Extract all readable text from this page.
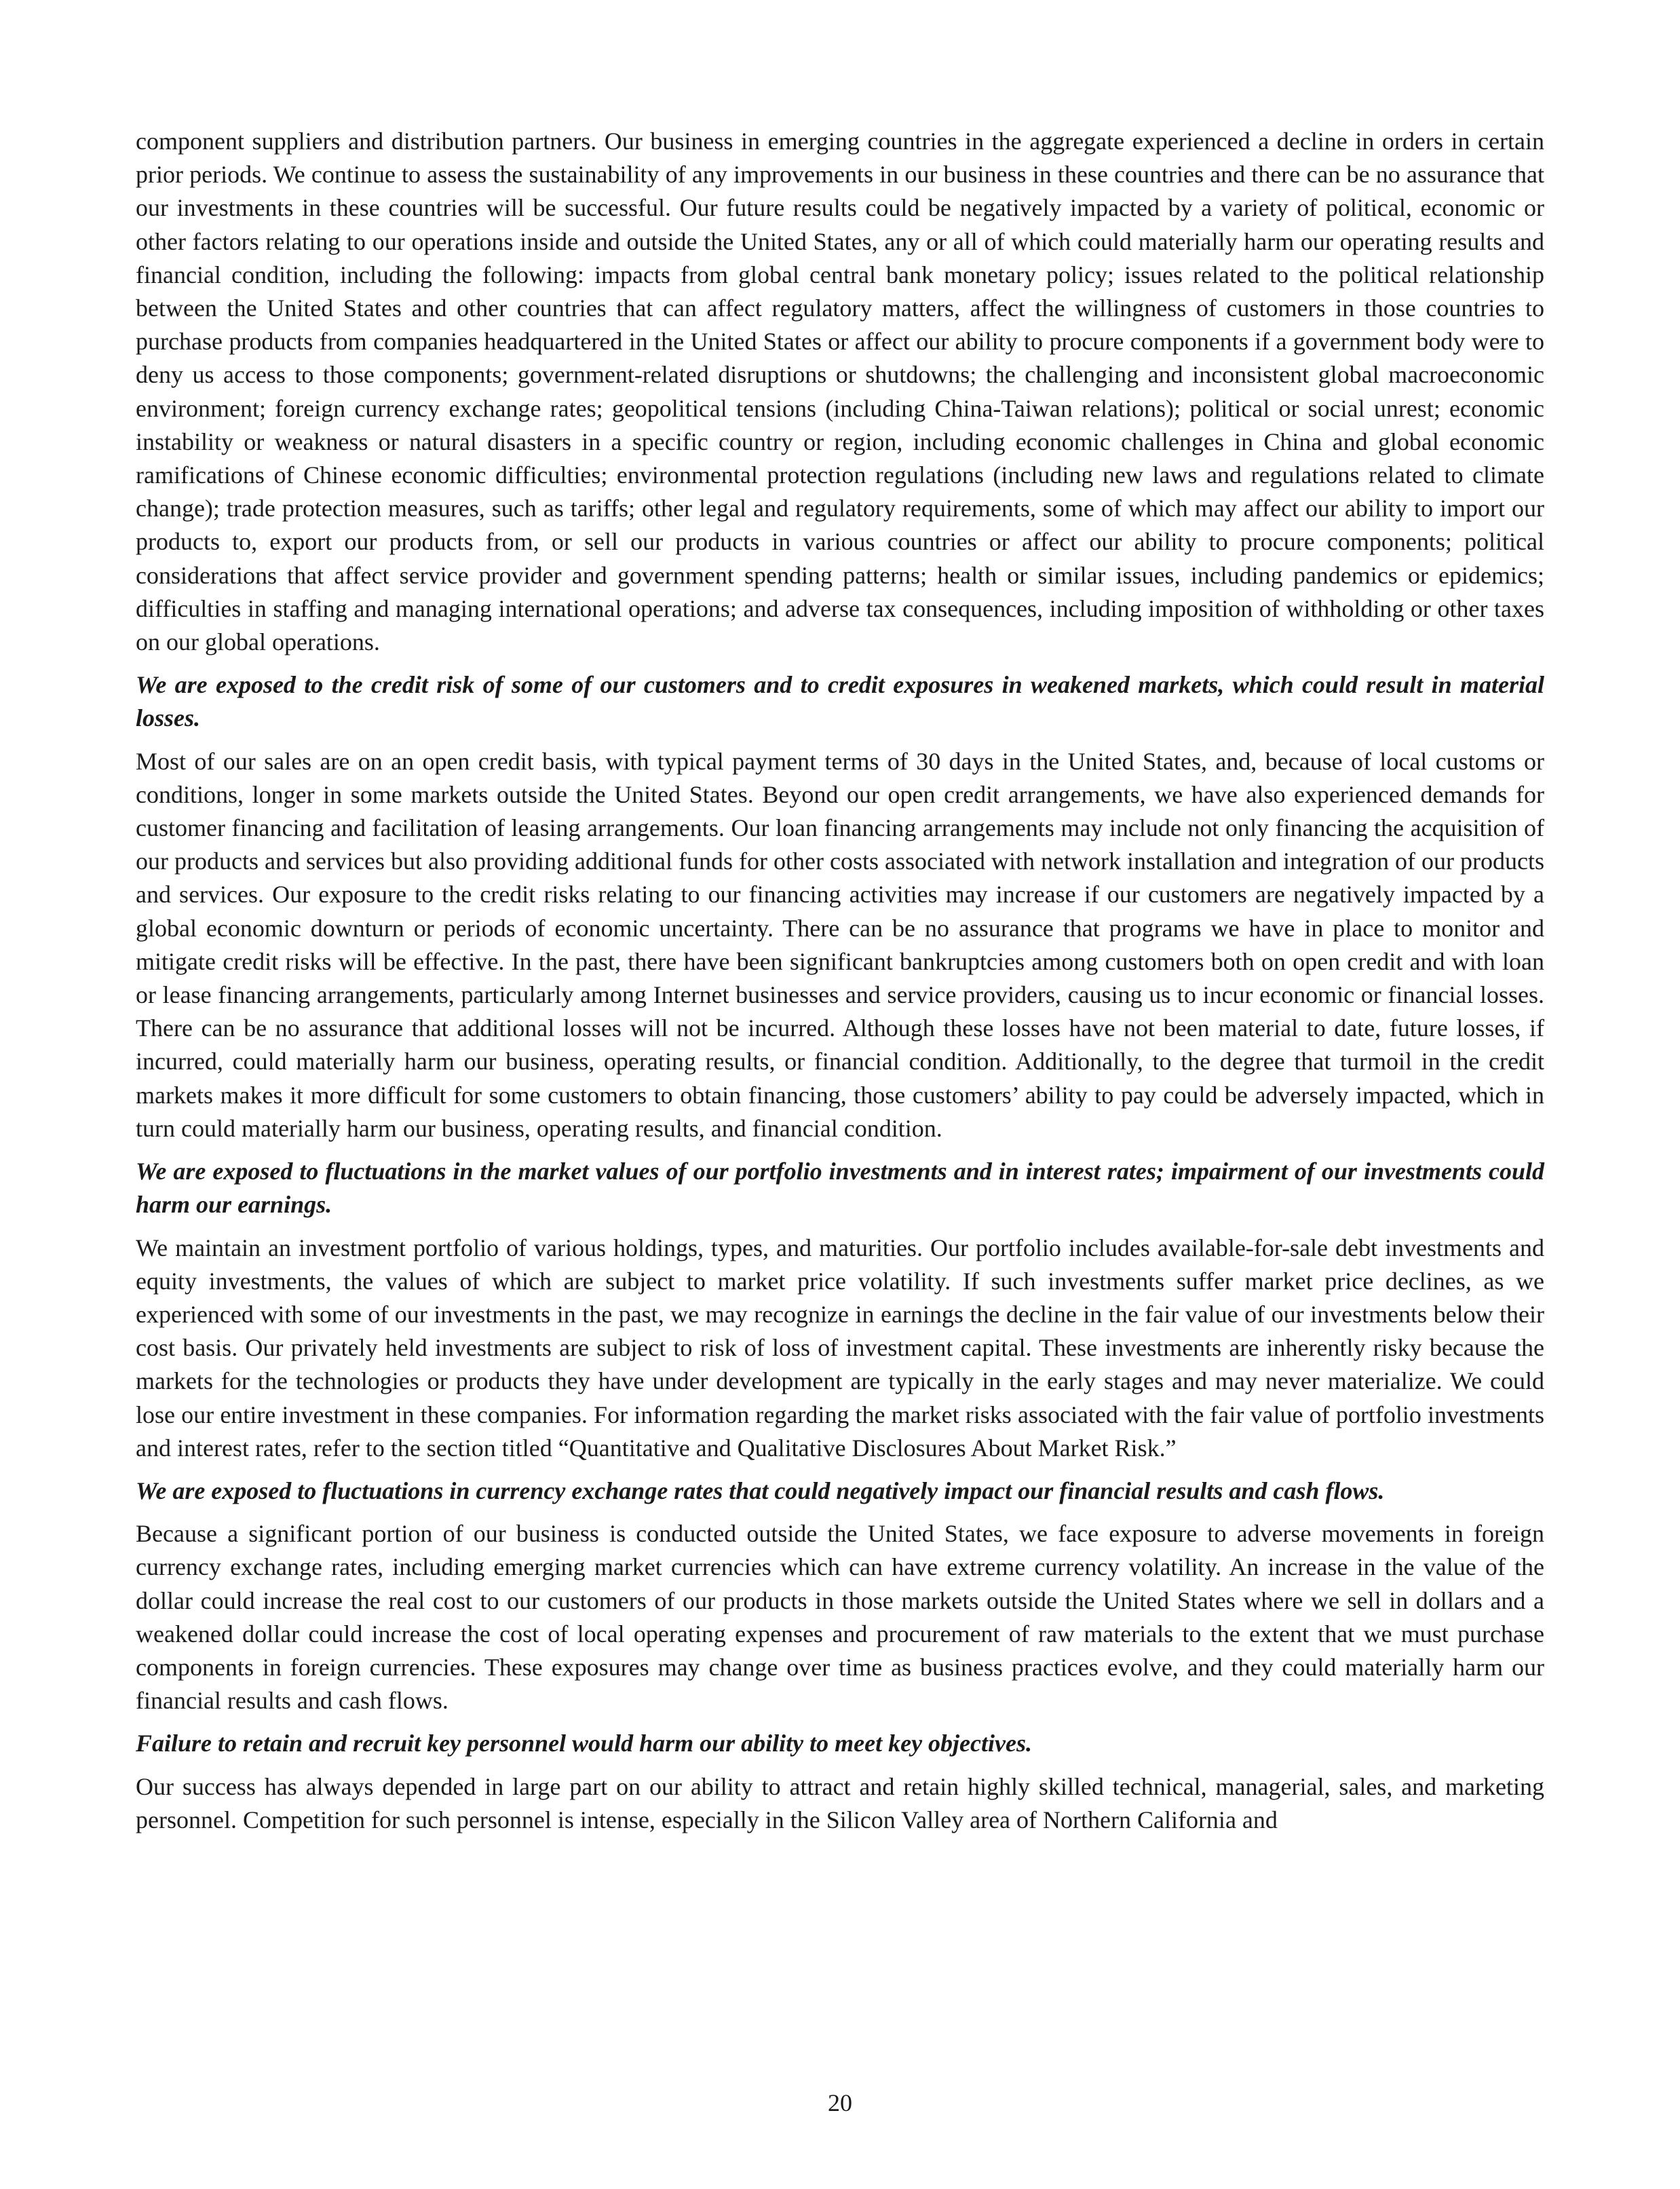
component suppliers and distribution partners. Our business in emerging countries in the aggregate experienced a decline in orders in certain prior periods. We continue to assess the sustainability of any improvements in our business in these countries and there can be no assurance that our investments in these countries will be successful. Our future results could be negatively impacted by a variety of political, economic or other factors relating to our operations inside and outside the United States, any or all of which could materially harm our operating results and financial condition, including the following: impacts from global central bank monetary policy; issues related to the political relationship between the United States and other countries that can affect regulatory matters, affect the willingness of customers in those countries to purchase products from companies headquartered in the United States or affect our ability to procure components if a government body were to deny us access to those components; government-related disruptions or shutdowns; the challenging and inconsistent global macroeconomic environment; foreign currency exchange rates; geopolitical tensions (including China-Taiwan relations); political or social unrest; economic instability or weakness or natural disasters in a specific country or region, including economic challenges in China and global economic ramifications of Chinese economic difficulties; environmental protection regulations (including new laws and regulations related to climate change); trade protection measures, such as tariffs; other legal and regulatory requirements, some of which may affect our ability to import our products to, export our products from, or sell our products in various countries or affect our ability to procure components; political considerations that affect service provider and government spending patterns; health or similar issues, including pandemics or epidemics; difficulties in staffing and managing international operations; and adverse tax consequences, including imposition of withholding or other taxes on our global operations.

We are exposed to the credit risk of some of our customers and to credit exposures in weakened markets, which could result in material losses.

Most of our sales are on an open credit basis, with typical payment terms of 30 days in the United States, and, because of local customs or conditions, longer in some markets outside the United States. Beyond our open credit arrangements, we have also experienced demands for customer financing and facilitation of leasing arrangements. Our loan financing arrangements may include not only financing the acquisition of our products and services but also providing additional funds for other costs associated with network installation and integration of our products and services. Our exposure to the credit risks relating to our financing activities may increase if our customers are negatively impacted by a global economic downturn or periods of economic uncertainty. There can be no assurance that programs we have in place to monitor and mitigate credit risks will be effective. In the past, there have been significant bankruptcies among customers both on open credit and with loan or lease financing arrangements, particularly among Internet businesses and service providers, causing us to incur economic or financial losses. There can be no assurance that additional losses will not be incurred. Although these losses have not been material to date, future losses, if incurred, could materially harm our business, operating results, or financial condition. Additionally, to the degree that turmoil in the credit markets makes it more difficult for some customers to obtain financing, those customers’ ability to pay could be adversely impacted, which in turn could materially harm our business, operating results, and financial condition.

We are exposed to fluctuations in the market values of our portfolio investments and in interest rates; impairment of our investments could harm our earnings.

We maintain an investment portfolio of various holdings, types, and maturities. Our portfolio includes available-for-sale debt investments and equity investments, the values of which are subject to market price volatility. If such investments suffer market price declines, as we experienced with some of our investments in the past, we may recognize in earnings the decline in the fair value of our investments below their cost basis. Our privately held investments are subject to risk of loss of investment capital. These investments are inherently risky because the markets for the technologies or products they have under development are typically in the early stages and may never materialize. We could lose our entire investment in these companies. For information regarding the market risks associated with the fair value of portfolio investments and interest rates, refer to the section titled “Quantitative and Qualitative Disclosures About Market Risk.”

We are exposed to fluctuations in currency exchange rates that could negatively impact our financial results and cash flows.

Because a significant portion of our business is conducted outside the United States, we face exposure to adverse movements in foreign currency exchange rates, including emerging market currencies which can have extreme currency volatility. An increase in the value of the dollar could increase the real cost to our customers of our products in those markets outside the United States where we sell in dollars and a weakened dollar could increase the cost of local operating expenses and procurement of raw materials to the extent that we must purchase components in foreign currencies. These exposures may change over time as business practices evolve, and they could materially harm our financial results and cash flows.

Failure to retain and recruit key personnel would harm our ability to meet key objectives.

Our success has always depended in large part on our ability to attract and retain highly skilled technical, managerial, sales, and marketing personnel. Competition for such personnel is intense, especially in the Silicon Valley area of Northern California and

20
